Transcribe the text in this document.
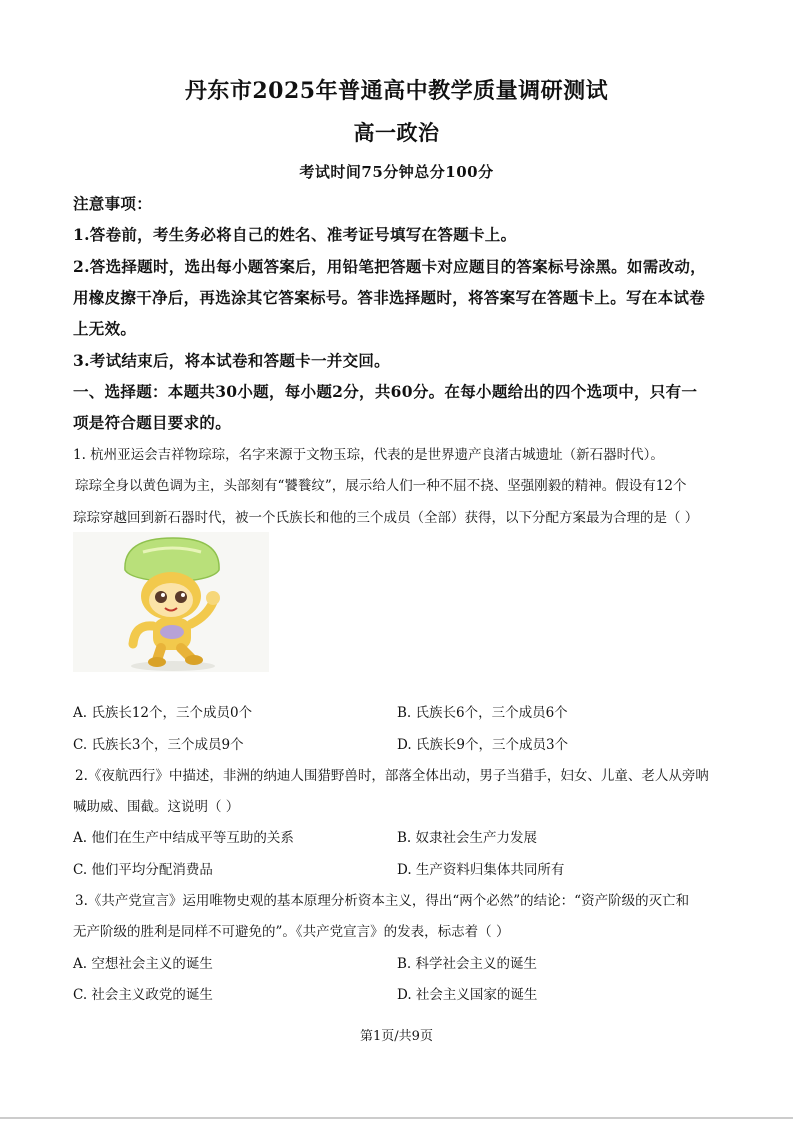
丹东市2025年普通高中教学质量调研测试
高一政治
考试时间75分钟总分100分
注意事项：
1.答卷前，考生务必将自己的姓名、准考证号填写在答题卡上。
2.答选择题时，选出每小题答案后，用铅笔把答题卡对应题目的答案标号涂黑。如需改动，
用橡皮擦干净后，再选涂其它答案标号。答非选择题时，将答案写在答题卡上。写在本试卷
上无效。
3.考试结束后，将本试卷和答题卡一并交回。
一、选择题：本题共30小题，每小题2分，共60分。在每小题给出的四个选项中，只有一
项是符合题目要求的。
1. 杭州亚运会吉祥物琮琮，名字来源于文物玉琮，代表的是世界遗产良渚古城遗址（新石器时代）。
琮琮全身以黄色调为主，头部刻有“饕餮纹”，展示给人们一种不屈不挠、坚强刚毅的精神。假设有12个
琮琮穿越回到新石器时代，被一个氏族长和他的三个成员（全部）获得，以下分配方案最为合理的是（ ）
A. 氏族长12个，三个成员0个	B. 氏族长6个，三个成员6个
C. 氏族长3个，三个成员9个	D. 氏族长9个，三个成员3个
2.《夜航西行》中描述，非洲的纳迪人围猎野兽时，部落全体出动，男子当猎手，妇女、儿童、老人从旁呐
喊助威、围截。这说明（ ）
A. 他们在生产中结成平等互助的关系	B. 奴隶社会生产力发展
C. 他们平均分配消费品	D. 生产资料归集体共同所有
3.《共产党宣言》运用唯物史观的基本原理分析资本主义，得出“两个必然”的结论：“资产阶级的灭亡和
无产阶级的胜利是同样不可避免的”。《共产党宣言》的发表，标志着（ ）
A. 空想社会主义的诞生	B. 科学社会主义的诞生
C. 社会主义政党的诞生	D. 社会主义国家的诞生
第1页/共9页
